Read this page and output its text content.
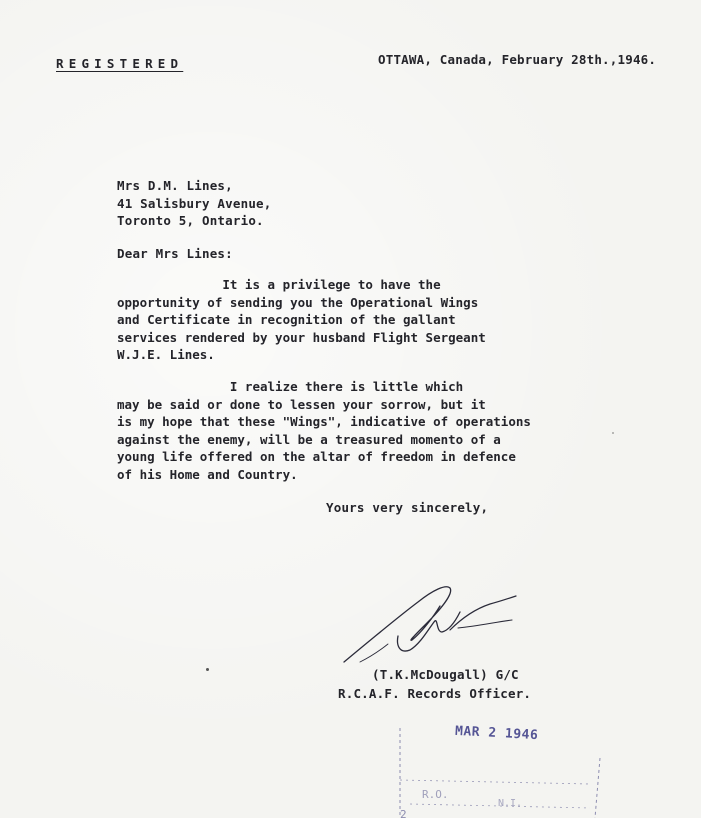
REGISTERED	OTTAWA, Canada, February 28th.,1946.
Mrs D.M. Lines,
41 Salisbury Avenue,
Toronto 5, Ontario.
Dear Mrs Lines:
It is a privilege to have the
opportunity of sending you the Operational Wings
and Certificate in recognition of the gallant
services rendered by your husband Flight Sergeant
W.J.E. Lines.
I realize there is little which
may be said or done to lessen your sorrow, but it
is my hope that these "Wings", indicative of operations
against the enemy, will be a treasured momento of a
young life offered on the altar of freedom in defence
of his Home and Country.
Yours very sincerely,
(T.K.McDougall) G/C
R.C.A.F. Records Officer.
R.O.
N.I.
2
MAR 2 1946
